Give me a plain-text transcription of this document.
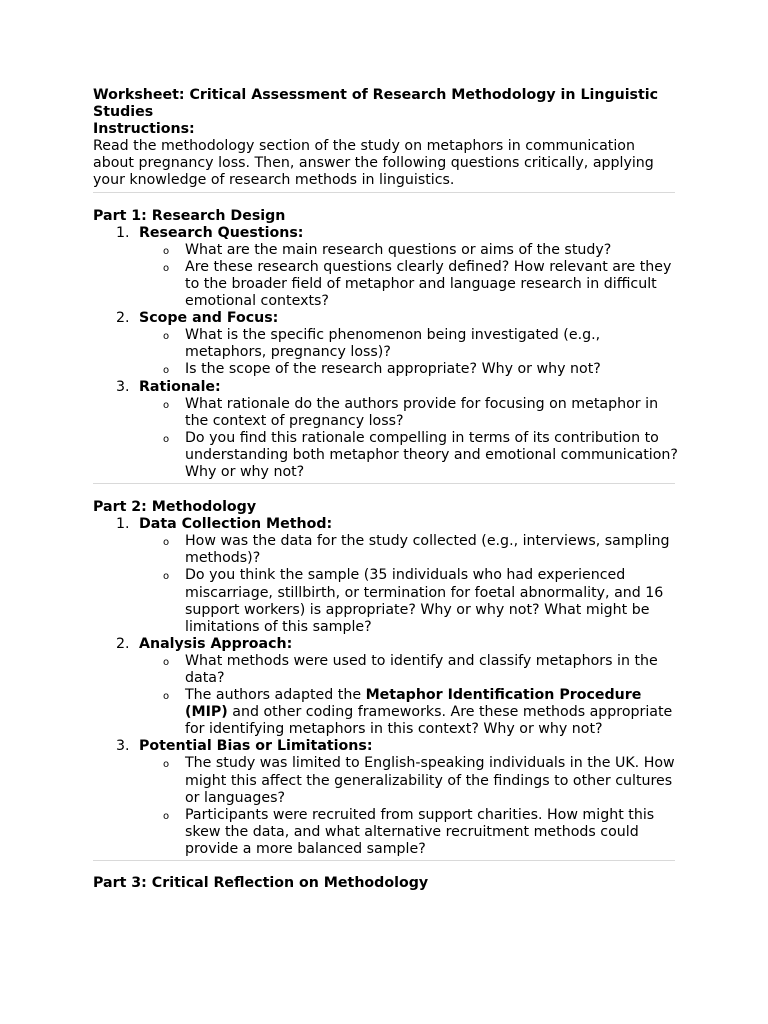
Worksheet: Critical Assessment of Research Methodology in Linguistic Studies

Instructions:

Read the methodology section of the study on metaphors in communication about pregnancy loss. Then, answer the following questions critically, applying your knowledge of research methods in linguistics.

Part 1: Research Design

1. Research Questions:
o What are the main research questions or aims of the study?
o Are these research questions clearly defined? How relevant are they to the broader field of metaphor and language research in difficult emotional contexts?
2. Scope and Focus:
o What is the specific phenomenon being investigated (e.g., metaphors, pregnancy loss)?
o Is the scope of the research appropriate? Why or why not?
3. Rationale:
o What rationale do the authors provide for focusing on metaphor in the context of pregnancy loss?
o Do you find this rationale compelling in terms of its contribution to understanding both metaphor theory and emotional communication? Why or why not?

Part 2: Methodology

1. Data Collection Method:
o How was the data for the study collected (e.g., interviews, sampling methods)?
o Do you think the sample (35 individuals who had experienced miscarriage, stillbirth, or termination for foetal abnormality, and 16 support workers) is appropriate? Why or why not? What might be limitations of this sample?
2. Analysis Approach:
o What methods were used to identify and classify metaphors in the data?
o The authors adapted the Metaphor Identification Procedure (MIP) and other coding frameworks. Are these methods appropriate for identifying metaphors in this context? Why or why not?
3. Potential Bias or Limitations:
o The study was limited to English-speaking individuals in the UK. How might this affect the generalizability of the findings to other cultures or languages?
o Participants were recruited from support charities. How might this skew the data, and what alternative recruitment methods could provide a more balanced sample?

Part 3: Critical Reflection on Methodology
